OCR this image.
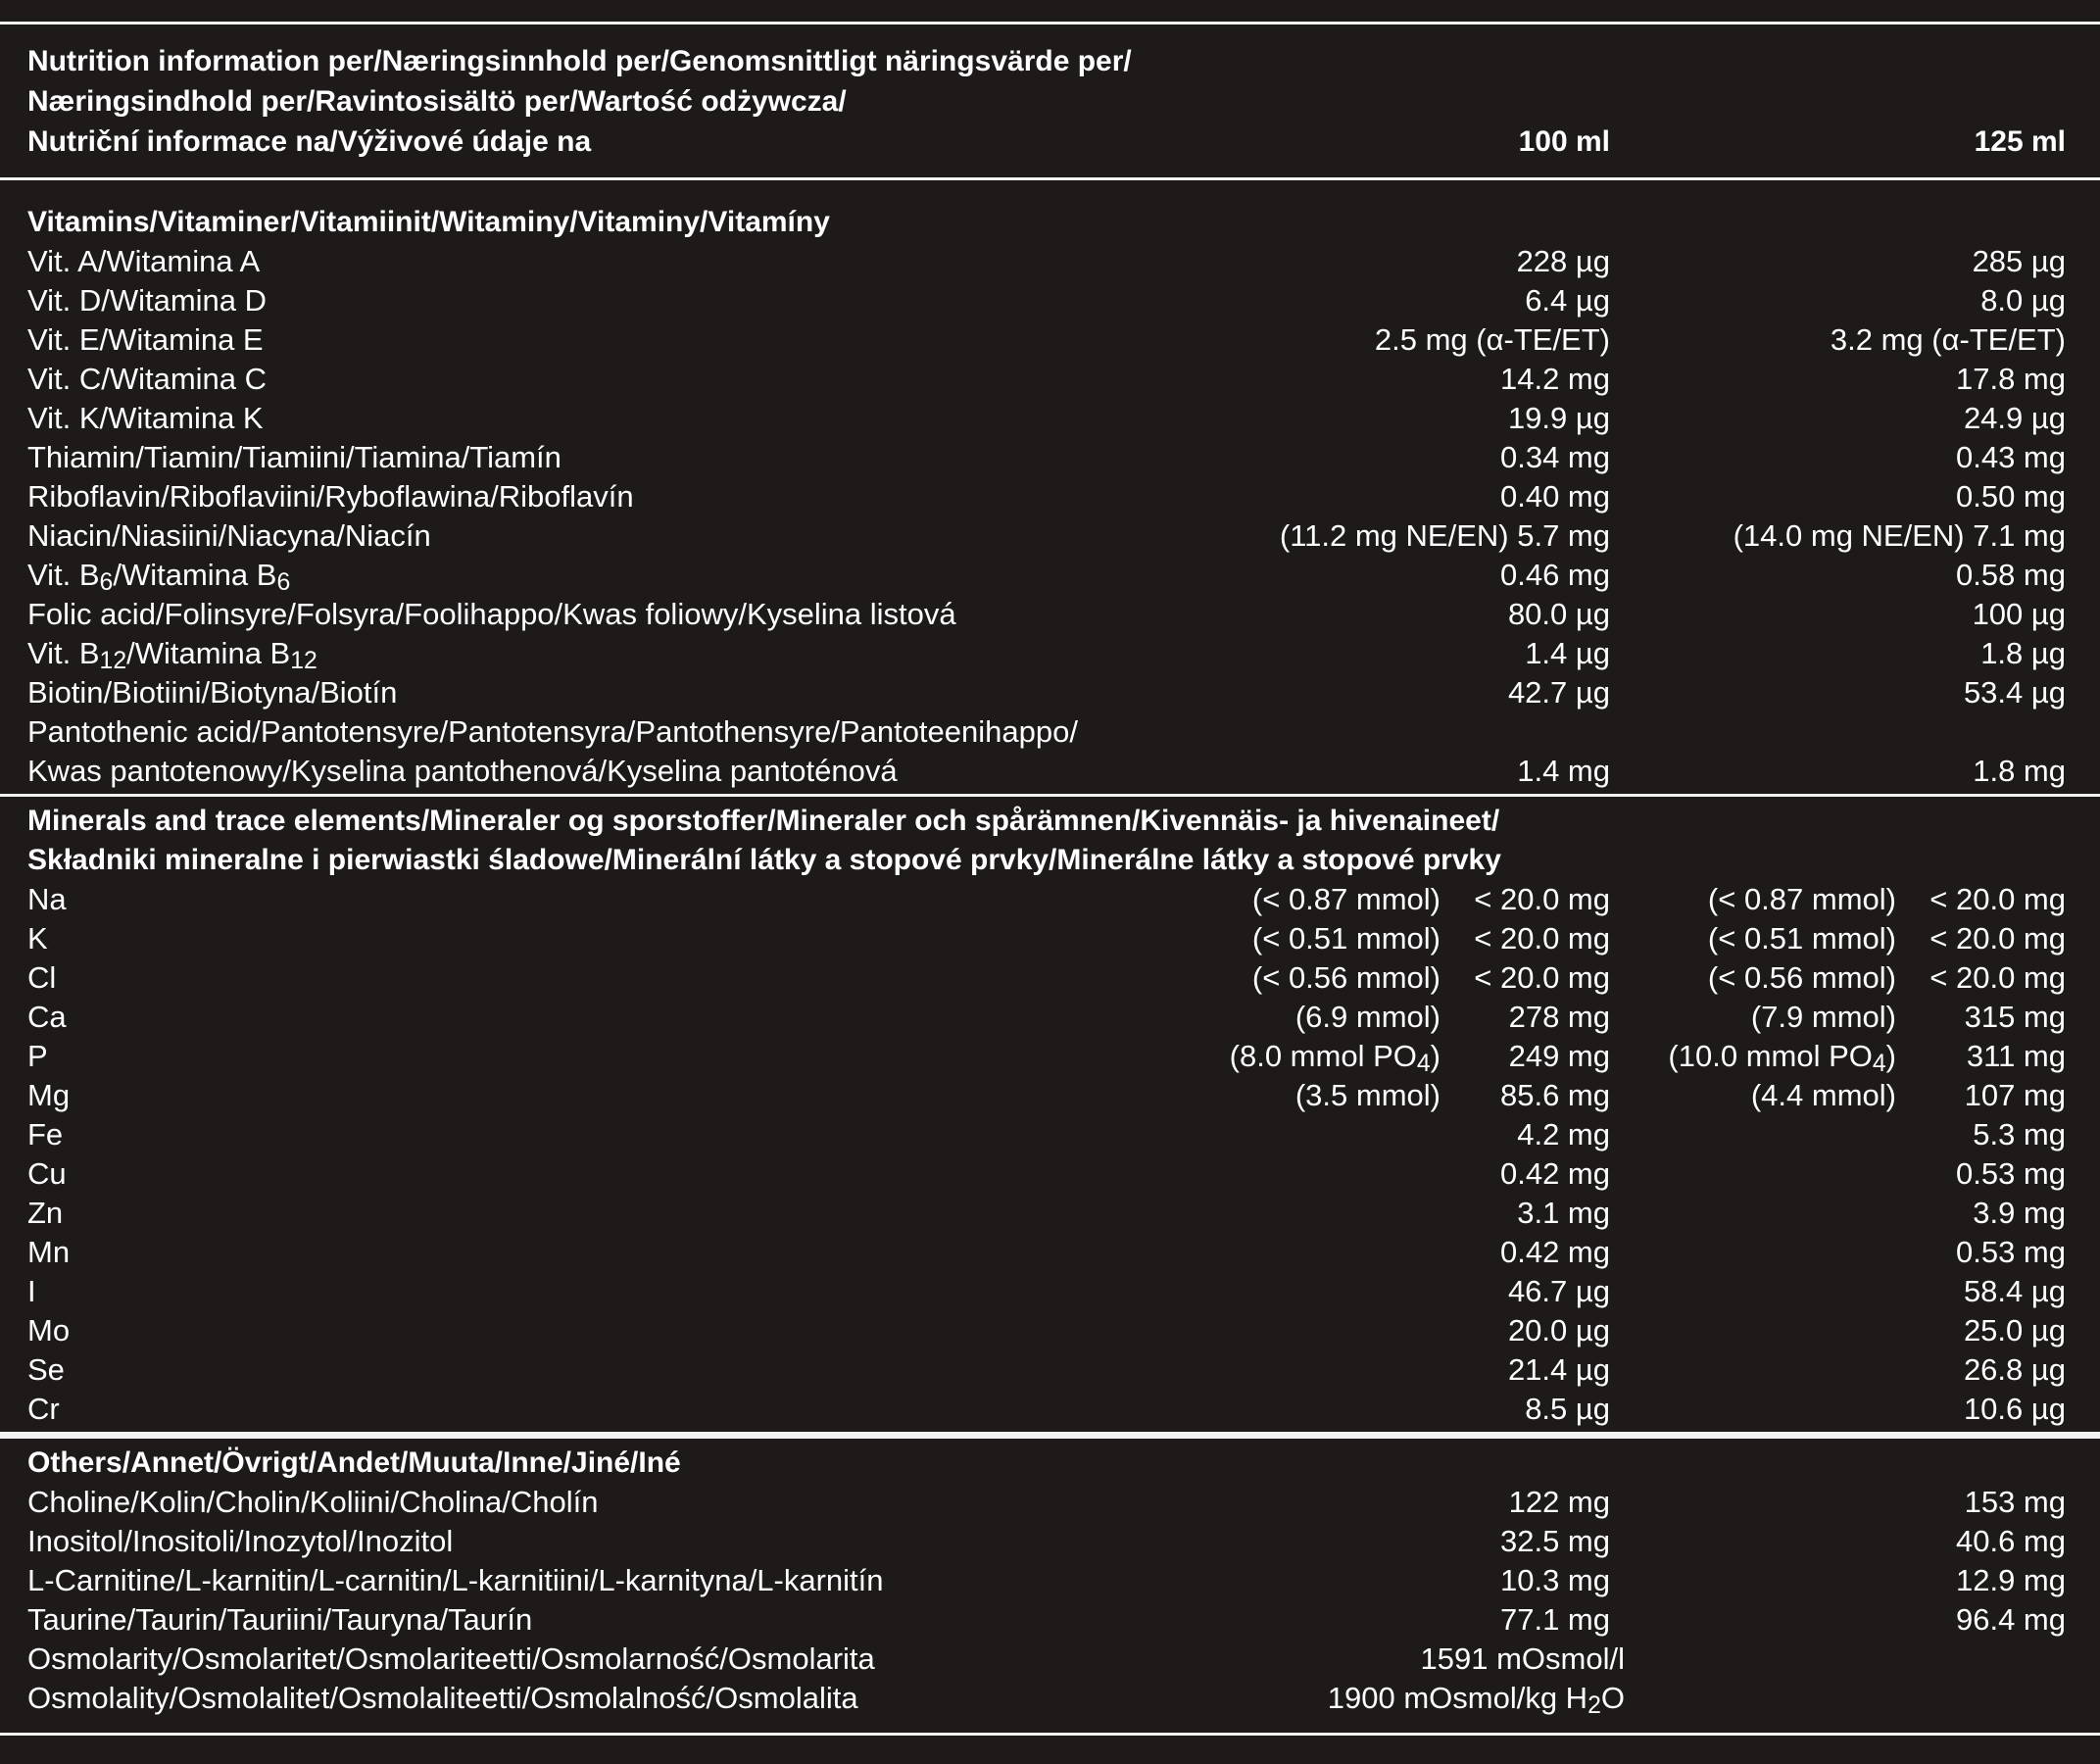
Nutrition information per/Næringsinnhold per/Genomsnittligt näringsvärde per/
Næringsindhold per/Ravintosisältö per/Wartość odżywcza/
Nutriční informace na/Výživové údaje na	100 ml	125 ml
Vitamins/Vitaminer/Vitamiinit/Witaminy/Vitaminy/Vitamíny
Vit. A/Witamina A	228 µg	285 µg
Vit. D/Witamina D	6.4 µg	8.0 µg
Vit. E/Witamina E	2.5 mg (α-TE/ET)	3.2 mg (α-TE/ET)
Vit. C/Witamina C	14.2 mg	17.8 mg
Vit. K/Witamina K	19.9 µg	24.9 µg
Thiamin/Tiamin/Tiamiini/Tiamina/Tiamín	0.34 mg	0.43 mg
Riboflavin/Riboflaviini/Ryboflawina/Riboflavín	0.40 mg	0.50 mg
Niacin/Niasiini/Niacyna/Niacín	(11.2 mg NE/EN) 5.7 mg	(14.0 mg NE/EN) 7.1 mg
Vit. $B_6$/Witamina $B_6$	0.46 mg	0.58 mg
Folic acid/Folinsyre/Folsyra/Foolihappo/Kwas foliowy/Kyselina listová	80.0 µg	100 µg
Vit. $B_{12}$/Witamina $B_{12}$	1.4 µg	1.8 µg
Biotin/Biotiini/Biotyna/Biotín	42.7 µg	53.4 µg
Pantothenic acid/Pantotensyre/Pantotensyra/Pantothensyre/Pantoteenihappo/
Kwas pantotenowy/Kyselina pantothenová/Kyselina pantoténová	1.4 mg	1.8 mg
Minerals and trace elements/Mineraler og sporstoffer/Mineraler och spårämnen/Kivennäis- ja hivenaineet/
Składniki mineralne i pierwiastki śladowe/Minerální látky a stopové prvky/Minerálne látky a stopové prvky
Na	(< 0.87 mmol) < 20.0 mg	(< 0.87 mmol) < 20.0 mg
K	(< 0.51 mmol) < 20.0 mg	(< 0.51 mmol) < 20.0 mg
Cl	(< 0.56 mmol) < 20.0 mg	(< 0.56 mmol) < 20.0 mg
Ca	(6.9 mmol) 278 mg	(7.9 mmol) 315 mg
P	(8.0 mmol $PO_4$) 249 mg (10.0 mmol $PO_4$) 311 mg
Mg	(3.5 mmol) 85.6 mg	(4.4 mmol) 107 mg
Fe	4.2 mg	5.3 mg
Cu	0.42 mg	0.53 mg
Zn	3.1 mg	3.9 mg
Mn	0.42 mg	0.53 mg
I	46.7 µg	58.4 µg
Mo	20.0 µg	25.0 µg
Se	21.4 µg	26.8 µg
Cr	8.5 µg	10.6 µg
Others/Annet/Övrigt/Andet/Muuta/Inne/Jiné/Iné
Choline/Kolin/Cholin/Koliini/Cholina/Cholín	122 mg	153 mg
Inositol/Inositoli/Inozytol/Inozitol	32.5 mg	40.6 mg
L-Carnitine/L-karnitin/L-carnitin/L-karnitiini/L-karnityna/L-karnitín	10.3 mg	12.9 mg
Taurine/Taurin/Tauriini/Tauryna/Taurín	77.1 mg	96.4 mg
Osmolarity/Osmolaritet/Osmolariteetti/Osmolarność/Osmolarita	1591 mOsmol/l
Osmolality/Osmolalitet/Osmolaliteetti/Osmolalność/Osmolalita	1900 mOsmol/kg $H_2O$
